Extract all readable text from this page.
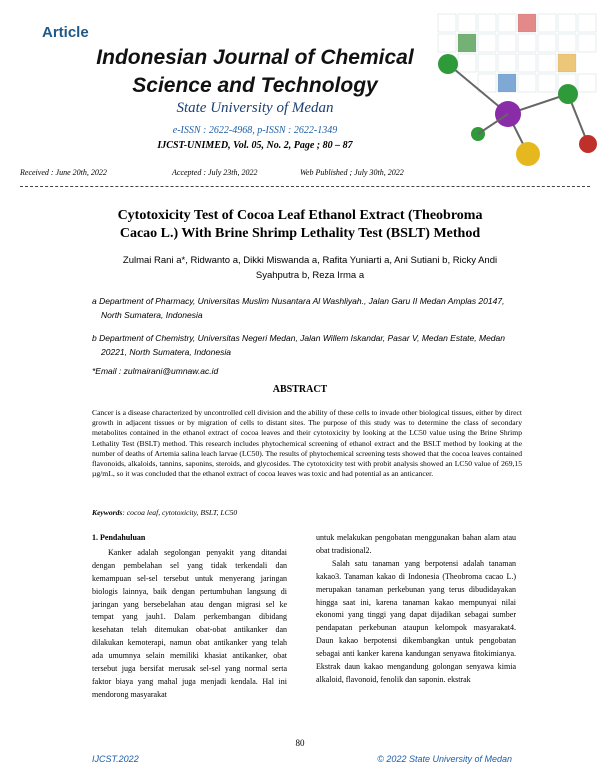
Article
Indonesian Journal of Chemical
Science and Technology
State University of Medan
e-ISSN : 2622-4968, p-ISSN : 2622-1349
IJCST-UNIMED, Vol. 05, No. 2, Page ; 80 – 87
Received : June 20th, 2022	Accepted : July 23th, 2022	Web Published ; July 30th, 2022
Cytotoxicity Test of Cocoa Leaf Ethanol Extract (Theobroma
Cacao L.) With Brine Shrimp Lethality Test (BSLT) Method
Zulmai Rani a*, Ridwanto a, Dikki Miswanda a, Rafita Yuniarti a, Ani Sutiani b, Ricky Andi
Syahputra b, Reza Irma a
a Department of Pharmacy, Universitas Muslim Nusantara Al Washliyah., Jalan Garu II Medan Amplas 20147,
North Sumatera, Indonesia
b Department of Chemistry, Universitas Negeri Medan, Jalan Willem Iskandar, Pasar V, Medan Estate, Medan
20221, North Sumatera, Indonesia
*Email : zulmairani@umnaw.ac.id
ABSTRACT
Cancer is a disease characterized by uncontrolled cell division and the ability of these cells to invade other biological tissues, either by direct growth in adjacent tissues or by migration of cells to distant sites. The purpose of this study was to determine the class of secondary metabolites contained in the ethanol extract of cocoa leaves and their cytotoxicity by looking at the LC50 value using the Brine Shrimp Lethality Test (BSLT) method. This research includes phytochemical screening of ethanol extract and the BSLT method by looking at the number of deaths of Artemia salina leach larvae (LC50). The results of phytochemical screening tests showed that the cocoa leaves contained flavonoids, alkaloids, tannins, saponins, steroids, and glycosides. The cytotoxicity test with probit analysis showed an LC50 value of 269,15 µg/mL, so it was concluded that the ethanol extract of cocoa leaves was toxic and had potential as an anticancer.
Keywords: cocoa leaf, cytotoxicity, BSLT, LC50

1. Pendahuluan

Kanker adalah segolongan penyakit yang ditandai dengan pembelahan sel yang tidak terkendali dan kemampuan sel-sel tersebut untuk menyerang jaringan biologis lainnya, baik dengan pertumbuhan langsung di jaringan yang bersebelahan atau dengan migrasi sel ke tempat yang jauh1. Dalam perkembangan dibidang kesehatan telah ditemukan obat-obat antikanker dan dilakukan kemoterapi, namun obat antikanker yang telah ada umumnya selain memiliki khasiat antikanker, obat tersebut juga bersifat merusak sel-sel yang normal serta faktor biaya yang mahal juga menjadi kendala. Hal ini mendorong masyarakat

untuk melakukan pengobatan menggunakan bahan alam atau obat tradisional2.

Salah satu tanaman yang berpotensi adalah tanaman kakao3. Tanaman kakao di Indonesia (Theobroma cacao L.) merupakan tanaman perkebunan yang terus dibudidayakan hingga saat ini, karena tanaman kakao mempunyai nilai ekonomi yang tinggi yang dapat dijadikan sebagai sumber pendapatan perkebunan ataupun kelompok masyarakat4. Daun kakao berpotensi dikembangkan untuk pengobatan sebagai anti kanker karena kandungan senyawa fitokimianya. Ekstrak daun kakao mengandung golongan senyawa kimia alkaloid, flavonoid, fenolik dan saponin. ekstrak

80
IJCST.2022	© 2022 State University of Medan
